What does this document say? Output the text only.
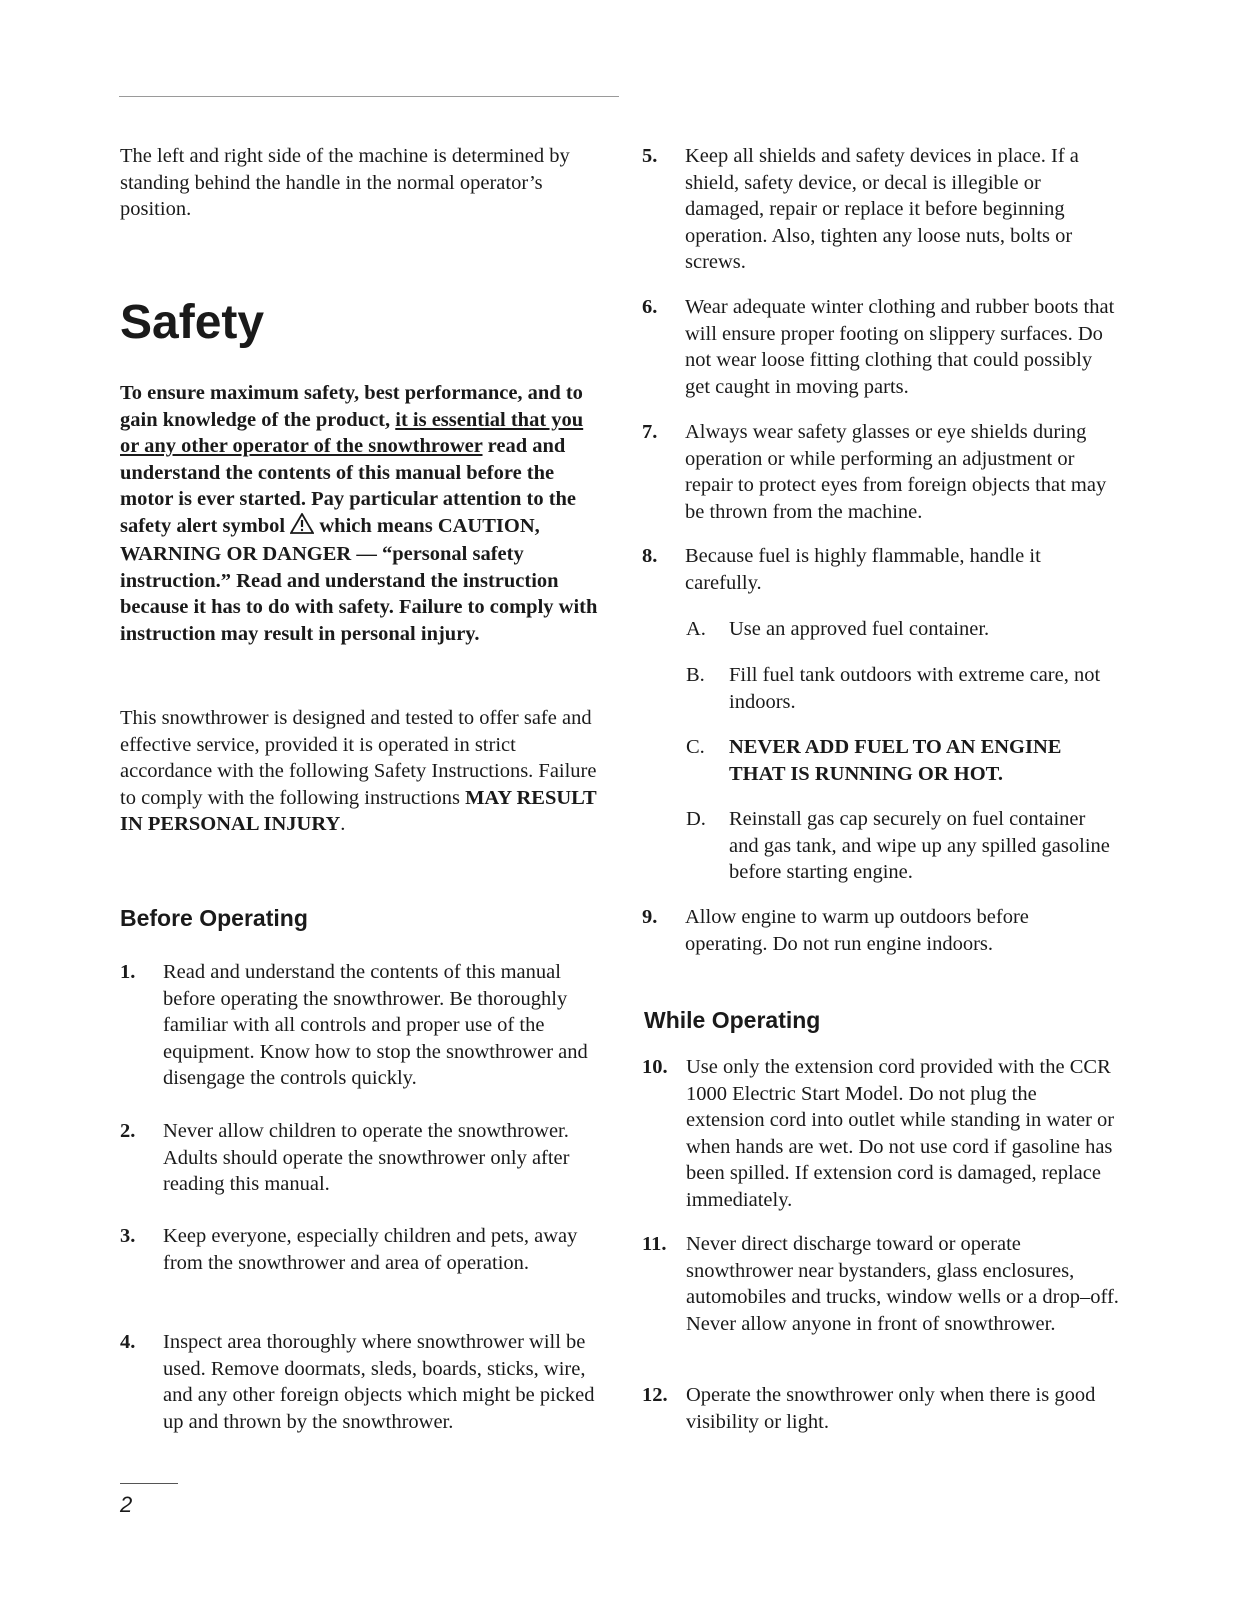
The left and right side of the machine is determined by standing behind the handle in the normal operator’s position.

Safety

To ensure maximum safety, best performance, and to gain knowledge of the product, it is essential that you or any other operator of the snowthrower read and understand the contents of this manual before the motor is ever started. Pay particular attention to the safety alert symbol  which means CAUTION, WARNING OR DANGER — “personal safety instruction.” Read and understand the instruction because it has to do with safety. Failure to comply with instruction may result in personal injury.

This snowthrower is designed and tested to offer safe and effective service, provided it is operated in strict accordance with the following Safety Instructions. Failure to comply with the following instructions MAY RESULT IN PERSONAL INJURY.

Before Operating
1. Read and understand the contents of this manual before operating the snowthrower. Be thoroughly familiar with all controls and proper use of the equipment. Know how to stop the snowthrower and disengage the controls quickly.

2. Never allow children to operate the snowthrower. Adults should operate the snowthrower only after reading this manual.

3. Keep everyone, especially children and pets, away from the snowthrower and area of operation.

4. Inspect area thoroughly where snowthrower will be used. Remove doormats, sleds, boards, sticks, wire, and any other foreign objects which might be picked up and thrown by the snowthrower.

5. Keep all shields and safety devices in place. If a shield, safety device, or decal is illegible or damaged, repair or replace it before beginning operation. Also, tighten any loose nuts, bolts or screws.

6. Wear adequate winter clothing and rubber boots that will ensure proper footing on slippery surfaces. Do not wear loose fitting clothing that could possibly get caught in moving parts.

7. Always wear safety glasses or eye shields during operation or while performing an adjustment or repair to protect eyes from foreign objects that may be thrown from the machine.

8. Because fuel is highly flammable, handle it carefully.

A. Use an approved fuel container.

B. Fill fuel tank outdoors with extreme care, not indoors.

C. NEVER ADD FUEL TO AN ENGINE THAT IS RUNNING OR HOT.

D. Reinstall gas cap securely on fuel container and gas tank, and wipe up any spilled gasoline before starting engine.

9. Allow engine to warm up outdoors before operating. Do not run engine indoors.

While Operating
10. Use only the extension cord provided with the CCR 1000 Electric Start Model. Do not plug the extension cord into outlet while standing in water or when hands are wet. Do not use cord if gasoline has been spilled. If extension cord is damaged, replace immediately.

11. Never direct discharge toward or operate snowthrower near bystanders, glass enclosures, automobiles and trucks, window wells or a drop–off. Never allow anyone in front of snowthrower.

12. Operate the snowthrower only when there is good visibility or light.

2
